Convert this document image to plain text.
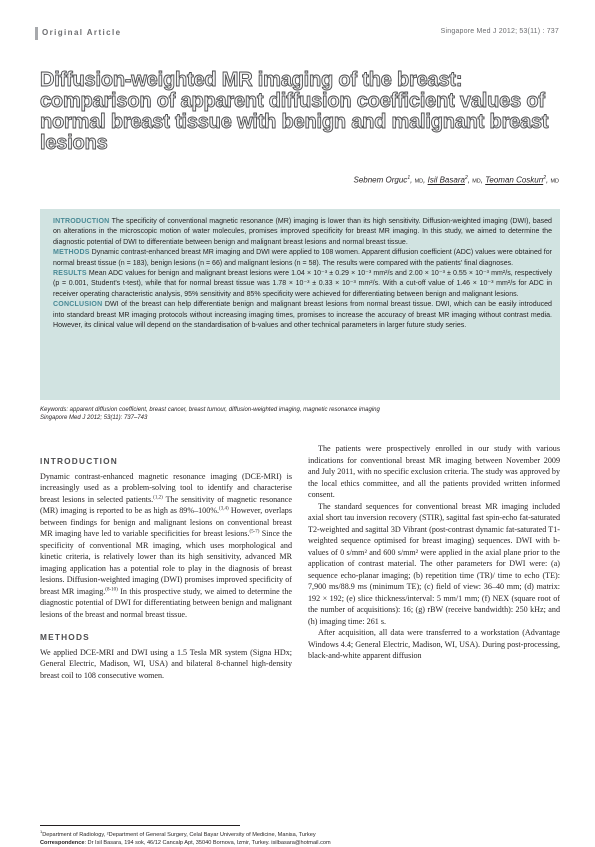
Original Article	Singapore Med J 2012; 53(11) : 737
Diffusion-weighted MR imaging of the breast: comparison of apparent diffusion coefficient values of normal breast tissue with benign and malignant breast lesions
Sebnem Orguc$^1$, MD, Isil Basara$^2$, MD, Teoman Coskun$^2$, MD

INTRODUCTION The specificity of conventional magnetic resonance (MR) imaging is lower than its high sensitivity. Diffusion-weighted imaging (DWI), based on alterations in the microscopic motion of water molecules, promises improved specificity for breast MR imaging. In this study, we aimed to determine the diagnostic potential of DWI to differentiate between benign and malignant breast lesions and normal breast tissue.

METHODS Dynamic contrast-enhanced breast MR imaging and DWI were applied to 108 women. Apparent diffusion coefficient (ADC) values were obtained for normal breast tissue (n = 183), benign lesions (n = 66) and malignant lesions (n = 58). The results were compared with the patients' final diagnoses.

RESULTS Mean ADC values for benign and malignant breast lesions were 1.04 × 10⁻³ ± 0.29 × 10⁻³ mm²/s and 2.00 × 10⁻³ ± 0.55 × 10⁻³ mm²/s, respectively (p = 0.001, Student's t-test), while that for normal breast tissue was 1.78 × 10⁻³ ± 0.33 × 10⁻³ mm²/s. With a cut-off value of 1.46 × 10⁻³ mm²/s for ADC in receiver operating characteristic analysis, 95% sensitivity and 85% specificity were achieved for differentiating between benign and malignant lesions.

CONCLUSION DWI of the breast can help differentiate benign and malignant breast lesions from normal breast tissue. DWI, which can be easily introduced into standard breast MR imaging protocols without increasing imaging times, promises to increase the accuracy of breast MR imaging without contrast media. However, its clinical value will depend on the standardisation of b-values and other technical parameters in larger future study series.

Keywords: apparent diffusion coefficient, breast cancer, breast tumour, diffusion-weighted imaging, magnetic resonance imaging
Singapore Med J 2012; 53(11): 737–743
INTRODUCTION

Dynamic contrast-enhanced magnetic resonance imaging (DCE-MRI) is increasingly used as a problem-solving tool to identify and characterise breast lesions in selected patients.$^{(1,2)}$ The sensitivity of magnetic resonance (MR) imaging is reported to be as high as 89%–100%.$^{(3,4)}$ However, overlaps between findings for benign and malignant lesions on conventional breast MR imaging have led to variable specificities for breast lesions.$^{(5-7)}$ Since the specificity of conventional MR imaging, which uses morphological and kinetic criteria, is relatively lower than its high sensitivity, advanced MR imaging application has a potential role to play in the diagnosis of breast lesions. Diffusion-weighted imaging (DWI) promises improved specificity of breast MR imaging.$^{(8-10)}$ In this prospective study, we aimed to determine the diagnostic potential of DWI for differentiating between benign and malignant lesions of the breast and normal breast tissue.

METHODS

We applied DCE-MRI and DWI using a 1.5 Tesla MR system (Signa HDx; General Electric, Madison, WI, USA) and bilateral 8-channel high-density breast coil to 108 consecutive women.

The patients were prospectively enrolled in our study with various indications for conventional breast MR imaging between November 2009 and July 2011, with no specific exclusion criteria. The study was approved by the local ethics committee, and all the patients provided written informed consent.

The standard sequences for conventional breast MR imaging included axial short tau inversion recovery (STIR), sagittal fast spin-echo fat-saturated T2-weighted and sagittal 3D Vibrant (post-contrast dynamic fat-saturated T1-weighted sequence optimised for breast imaging) sequences. DWI with b-values of 0 s/mm² and 600 s/mm² were applied in the axial plane prior to the application of contrast material. The other parameters for DWI were: (a) sequence echo-planar imaging; (b) repetition time (TR)/ time to echo (TE): 7,900 ms/88.9 ms (minimum TE); (c) field of view: 36–40 mm; (d) matrix: 192 × 192; (e) slice thickness/interval: 5 mm/1 mm; (f) NEX (square root of the number of acquisitions): 16; (g) rBW (receive bandwidth): 250 kHz; and (h) imaging time: 261 s.

After acquisition, all data were transferred to a workstation (Advantage Windows 4.4; General Electric, Madison, WI, USA). During post-processing, black-and-white apparent diffusion

$^1$Department of Radiology, ²Department of General Surgery, Celal Bayar University of Medicine, Manisa, Turkey
Correspondence: Dr Isil Basara, 194 sok, 46/12 Cancalp Apt, 35040 Bornova, Izmir, Turkey. isilbasara@hotmail.com
